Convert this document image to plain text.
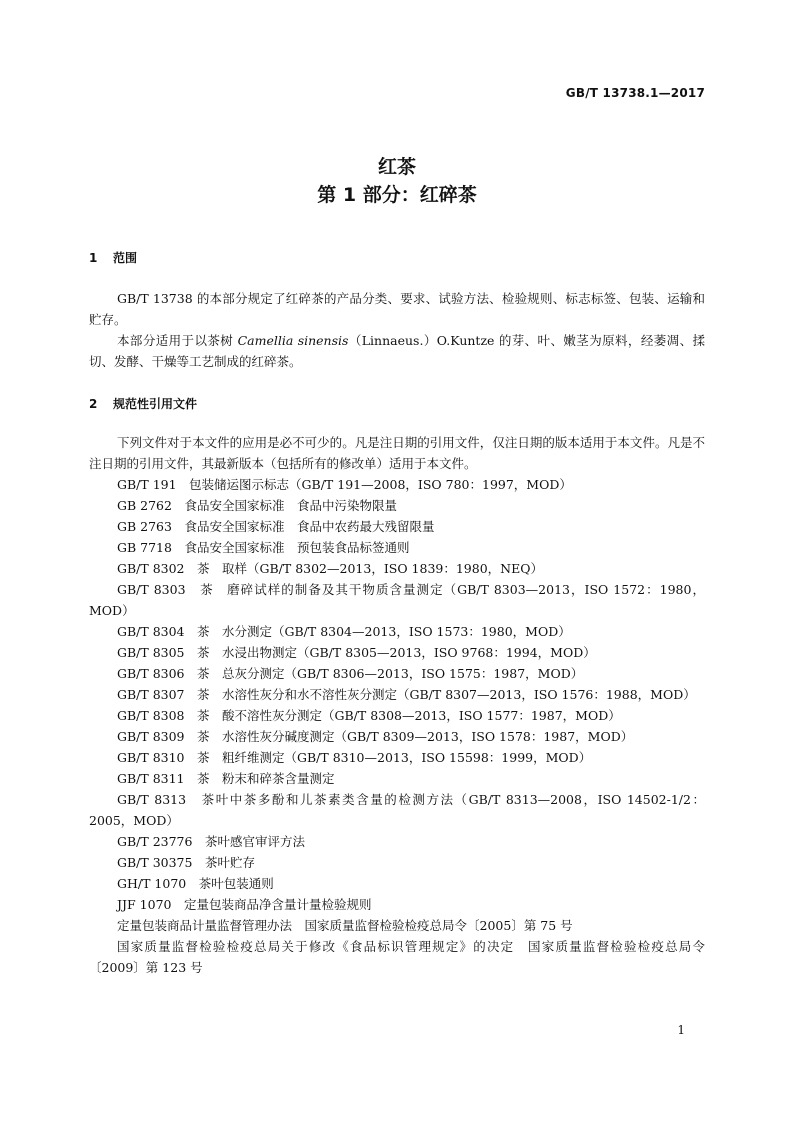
GB/T 13738.1—2017
红茶
第 1 部分：红碎茶
1 范围
GB/T 13738 的本部分规定了红碎茶的产品分类、要求、试验方法、检验规则、标志标签、包装、运输和贮存。
本部分适用于以茶树 Camellia sinensis（Linnaeus.）O.Kuntze 的芽、叶、嫩茎为原料，经萎凋、揉切、发酵、干燥等工艺制成的红碎茶。
2 规范性引用文件
下列文件对于本文件的应用是必不可少的。凡是注日期的引用文件，仅注日期的版本适用于本文件。凡是不注日期的引用文件，其最新版本（包括所有的修改单）适用于本文件。
GB/T 191　包装储运图示标志（GB/T 191—2008，ISO 780：1997，MOD）
GB 2762　食品安全国家标准　食品中污染物限量
GB 2763　食品安全国家标准　食品中农药最大残留限量
GB 7718　食品安全国家标准　预包装食品标签通则
GB/T 8302　茶　取样（GB/T 8302—2013，ISO 1839：1980，NEQ）
GB/T 8303　茶　磨碎试样的制备及其干物质含量测定（GB/T 8303—2013，ISO 1572：1980，MOD）
GB/T 8304　茶　水分测定（GB/T 8304—2013，ISO 1573：1980，MOD）
GB/T 8305　茶　水浸出物测定（GB/T 8305—2013，ISO 9768：1994，MOD）
GB/T 8306　茶　总灰分测定（GB/T 8306—2013，ISO 1575：1987，MOD）
GB/T 8307　茶　水溶性灰分和水不溶性灰分测定（GB/T 8307—2013，ISO 1576：1988，MOD）
GB/T 8308　茶　酸不溶性灰分测定（GB/T 8308—2013，ISO 1577：1987，MOD）
GB/T 8309　茶　水溶性灰分碱度测定（GB/T 8309—2013，ISO 1578：1987，MOD）
GB/T 8310　茶　粗纤维测定（GB/T 8310—2013，ISO 15598：1999，MOD）
GB/T 8311　茶　粉末和碎茶含量测定
GB/T 8313　茶叶中茶多酚和儿茶素类含量的检测方法（GB/T 8313—2008，ISO 14502-1/2：2005，MOD）
GB/T 23776　茶叶感官审评方法
GB/T 30375　茶叶贮存
GH/T 1070　茶叶包装通则
JJF 1070　定量包装商品净含量计量检验规则
定量包装商品计量监督管理办法　国家质量监督检验检疫总局令〔2005〕第 75 号
国家质量监督检验检疫总局关于修改《食品标识管理规定》的决定　国家质量监督检验检疫总局令〔2009〕第 123 号
1
